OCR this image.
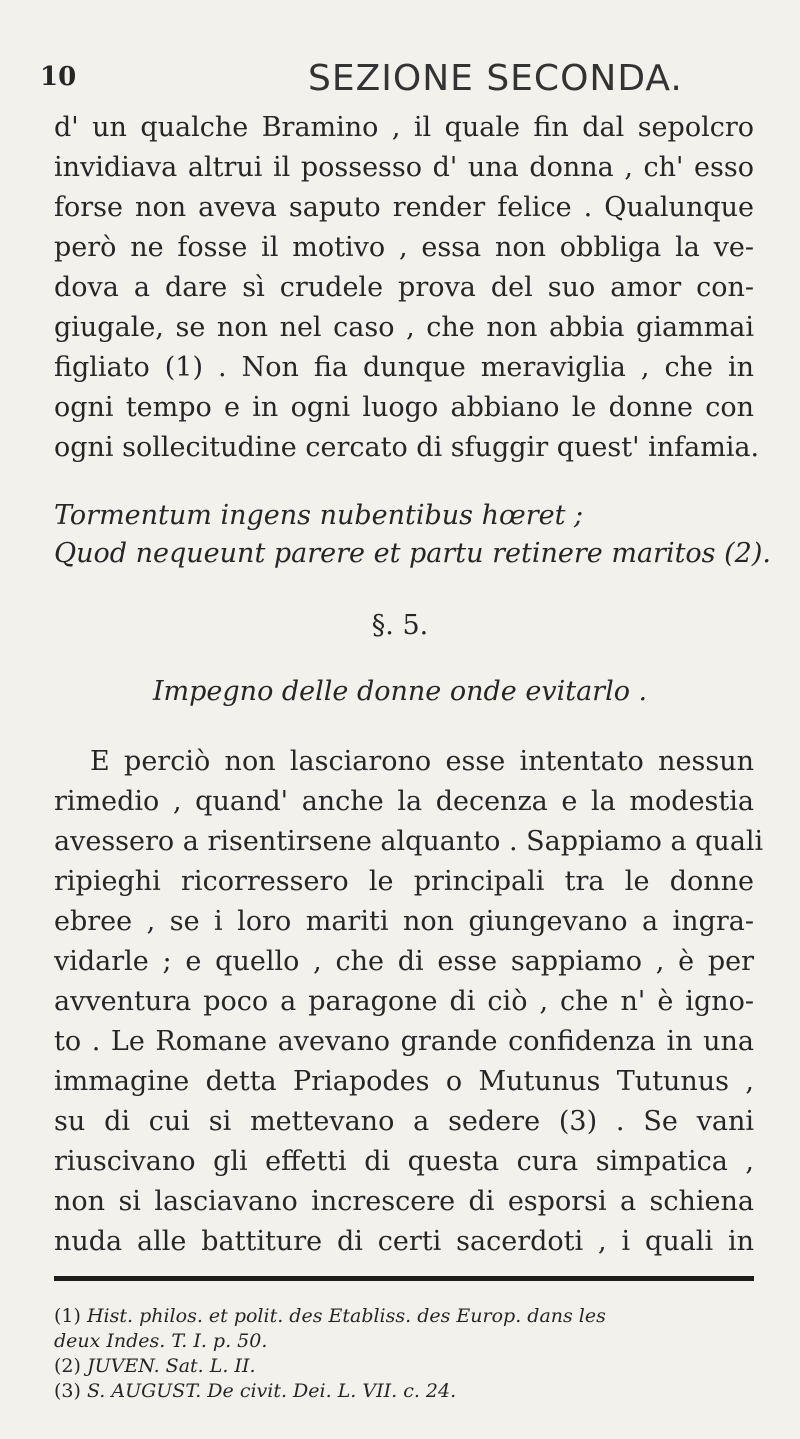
10	SEZIONE SECONDA.
d' un qualche Bramino , il quale fin dal sepolcro
invidiava altrui il possesso d' una donna , ch' esso
forse non aveva saputo render felice . Qualunque
però ne fosse il motivo , essa non obbliga la ve-
dova a dare sì crudele prova del suo amor con-
giugale, se non nel caso , che non abbia giammai
figliato (1) . Non fia dunque meraviglia , che in
ogni tempo e in ogni luogo abbiano le donne con
ogni sollecitudine cercato di sfuggir quest' infamia.
Tormentum ingens nubentibus hœret ;
Quod nequeunt parere et partu retinere maritos (2).
§. 5.
Impegno delle donne onde evitarlo .
E perciò non lasciarono esse intentato nessun
rimedio , quand' anche la decenza e la modestia
avessero a risentirsene alquanto . Sappiamo a quali
ripieghi ricorressero le principali tra le donne
ebree , se i loro mariti non giungevano a ingra-
vidarle ; e quello , che di esse sappiamo , è per
avventura poco a paragone di ciò , che n' è igno-
to . Le Romane avevano grande confidenza in una
immagine detta Priapodes o Mutunus Tutunus ,
su di cui si mettevano a sedere (3) . Se vani
riuscivano gli effetti di questa cura simpatica ,
non si lasciavano increscere di esporsi a schiena
nuda alle battiture di certi sacerdoti , i quali in
(1) Hist. philos. et polit. des Etabliss. des Europ. dans les
deux Indes. T. I. p. 50.
(2) JUVEN. Sat. L. II.
(3) S. AUGUST. De civit. Dei. L. VII. c. 24.
